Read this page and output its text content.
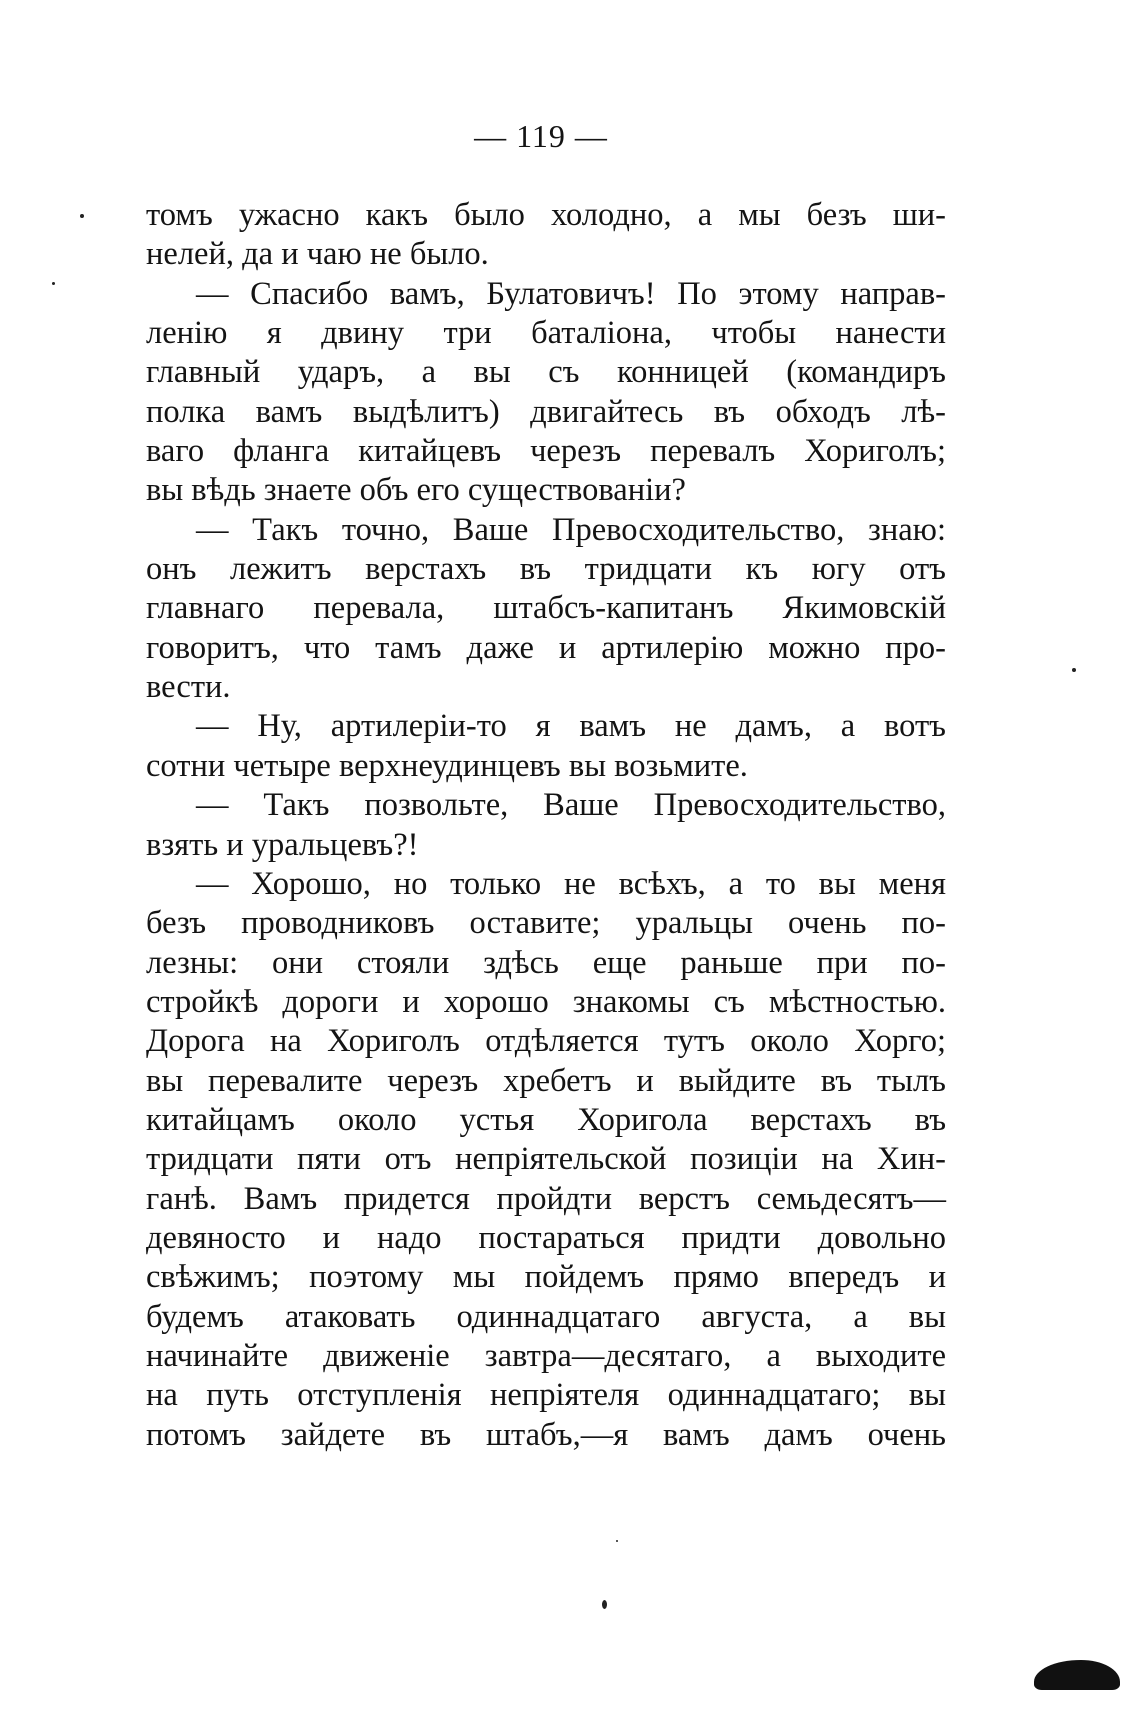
— 119 —
томъ ужасно какъ было холодно, а мы безъ ши-
нелей, да и чаю не было.
— Спасибо вамъ, Булатовичъ! По этому направ-
ленію я двину три баталіона, чтобы нанести
главный ударъ, а вы съ конницей (командиръ
полка вамъ выдѣлитъ) двигайтесь въ обходъ лѣ-
ваго фланга китайцевъ черезъ перевалъ Хориголъ;
вы вѣдь знаете объ его существованіи?
— Такъ точно, Ваше Превосходительство, знаю:
онъ лежитъ верстахъ въ тридцати къ югу отъ
главнаго перевала, штабсъ-капитанъ Якимовскій
говоритъ, что тамъ даже и артилерію можно про-
вести.
— Ну, артилеріи-то я вамъ не дамъ, а вотъ
сотни четыре верхнеудинцевъ вы возьмите.
— Такъ позвольте, Ваше Превосходительство,
взять и уральцевъ?!
— Хорошо, но только не всѣхъ, а то вы меня
безъ проводниковъ оставите; уральцы очень по-
лезны: они стояли здѣсь еще раньше при по-
стройкѣ дороги и хорошо знакомы съ мѣстностью.
Дорога на Хориголъ отдѣляется тутъ около Хорго;
вы перевалите черезъ хребетъ и выйдите въ тылъ
китайцамъ около устья Хоригола верстахъ въ
тридцати пяти отъ непріятельской позиціи на Хин-
ганѣ. Вамъ придется пройдти верстъ семьдесятъ—
девяносто и надо постараться придти довольно
свѣжимъ; поэтому мы пойдемъ прямо впередъ и
будемъ атаковать одиннадцатаго августа, а вы
начинайте движеніе завтра—десятаго, а выходите
на путь отступленія непріятеля одиннадцатаго; вы
потомъ зайдете въ штабъ,—я вамъ дамъ очень
